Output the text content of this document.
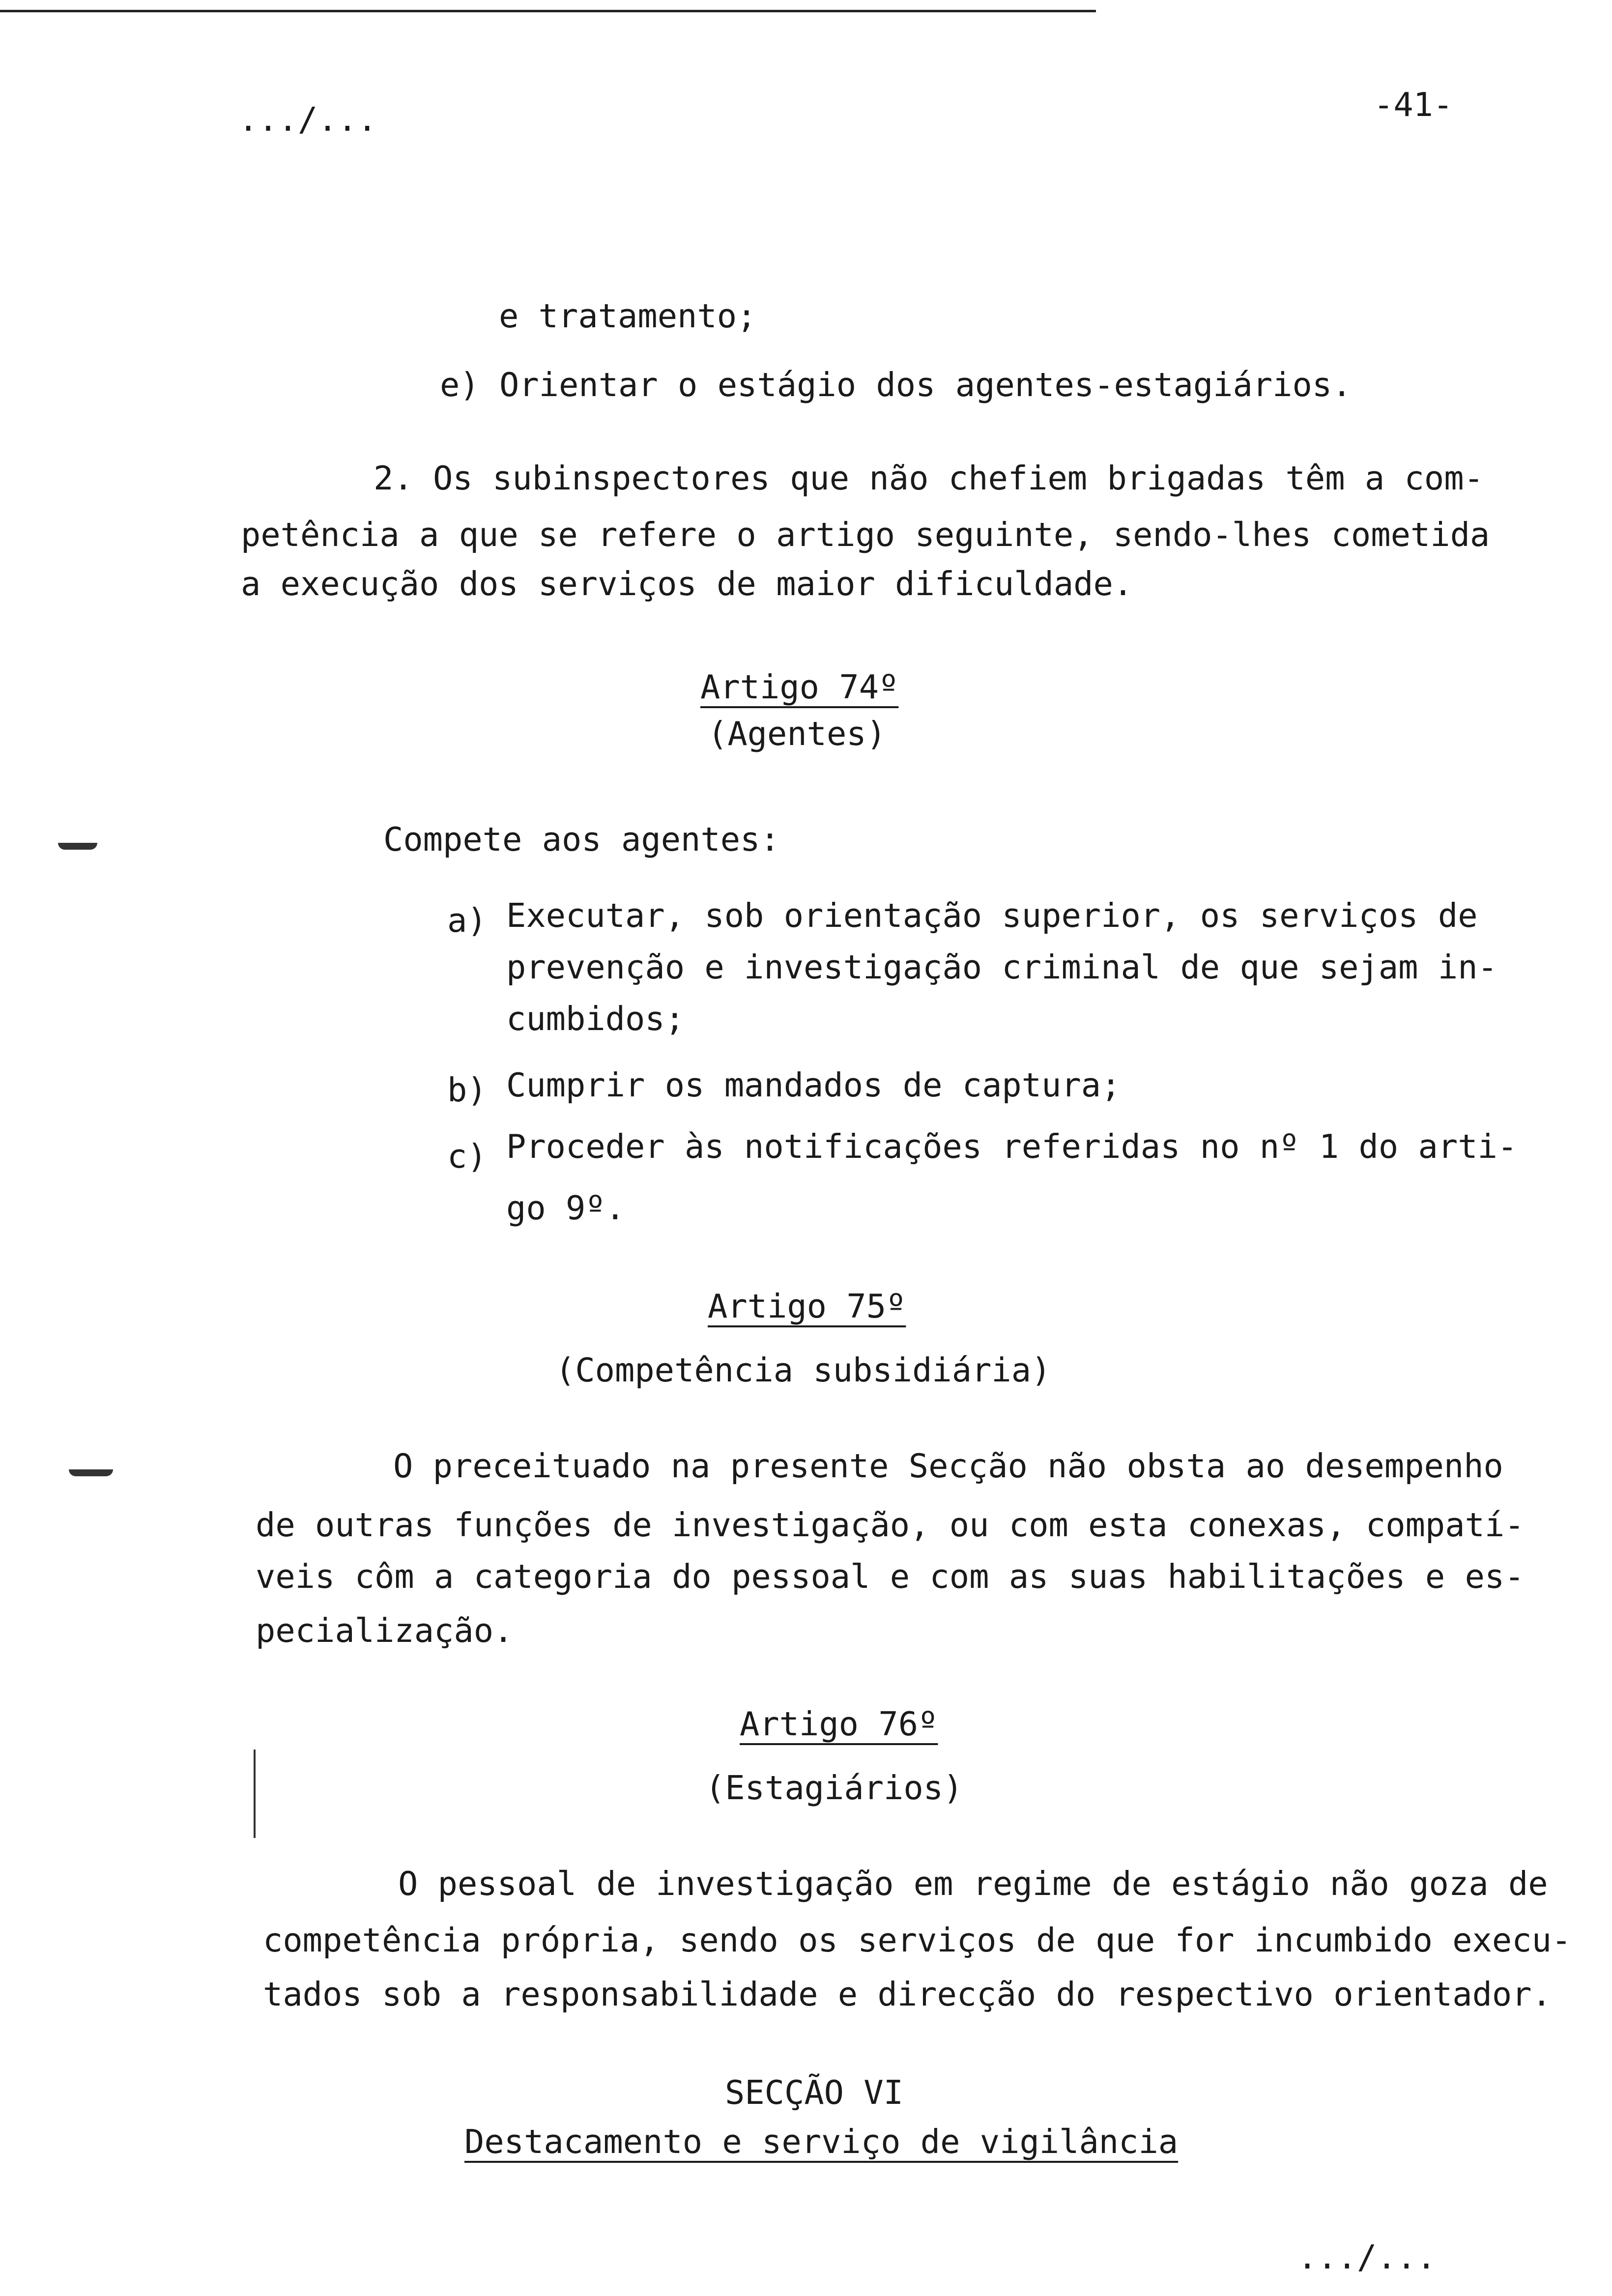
.../...	-41-
e tratamento;
e) Orientar o estágio dos agentes-estagiários.
2. Os subinspectores que não chefiem brigadas têm a com-
petência a que se refere o artigo seguinte, sendo-lhes cometida
a execução dos serviços de maior dificuldade.
Artigo 74º
(Agentes)
Compete aos agentes:
a) Executar, sob orientação superior, os serviços de
prevenção e investigação criminal de que sejam in-
cumbidos;
b) Cumprir os mandados de captura;
c) Proceder às notificações referidas no nº 1 do arti-
go 9º.
Artigo 75º
(Competência subsidiária)
O preceituado na presente Secção não obsta ao desempenho
de outras funções de investigação, ou com esta conexas, compatí-
veis côm a categoria do pessoal e com as suas habilitações e es-
pecialização.
Artigo 76º
(Estagiários)
O pessoal de investigação em regime de estágio não goza de
competência própria, sendo os serviços de que for incumbido execu-
tados sob a responsabilidade e direcção do respectivo orientador.
SECÇÃO VI
Destacamento e serviço de vigilância
.../...
